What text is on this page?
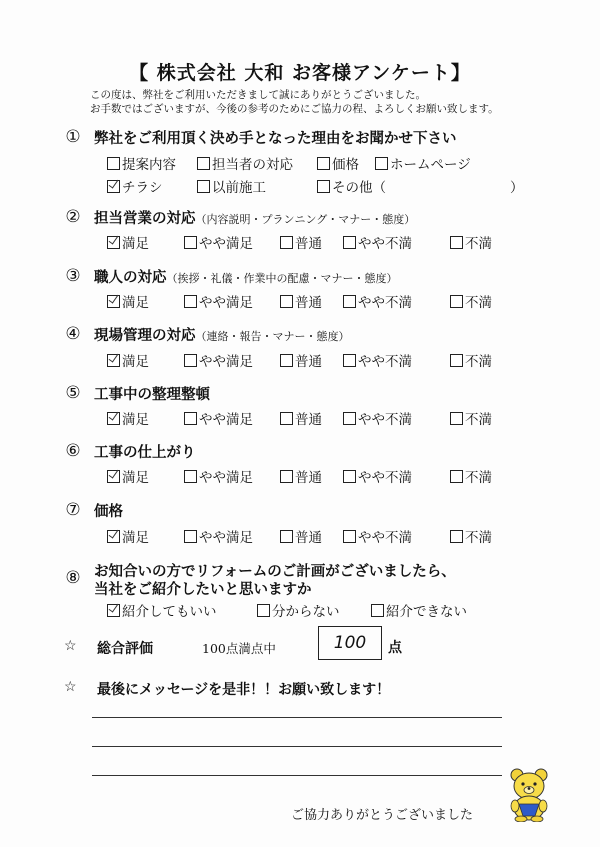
【 株式会社 大和 お客様アンケート】
この度は、弊社をご利用いただきまして誠にありがとうございました。
お手数ではございますが、今後の参考のためにご協力の程、よろしくお願い致します。
① 弊社をご利用頂く決め手となった理由をお聞かせ下さい
提案内容	担当者の対応	価格	ホームページ
チラシ	以前施工	その他（	）
② 担当営業の対応（内容説明・プランニング・マナー・態度）
満足	やや満足	普通	やや不満	不満
③ 職人の対応（挨拶・礼儀・作業中の配慮・マナー・態度）
満足	やや満足	普通	やや不満	不満
④ 現場管理の対応（連絡・報告・マナー・態度）
満足	やや満足	普通	やや不満	不満
⑤ 工事中の整理整頓
満足	やや満足	普通	やや不満	不満
⑥ 工事の仕上がり
満足	やや満足	普通	やや不満	不満
⑦ 価格
満足	やや満足	普通	やや不満	不満
⑧ お知合いの方でリフォームのご計画がございましたら、
当社をご紹介したいと思いますか
紹介してもいい	分からない	紹介できない
☆ 総合評価	100点満点中	100	点
☆ 最後にメッセージを是非！！お願い致します！
ご協力ありがとうございました
